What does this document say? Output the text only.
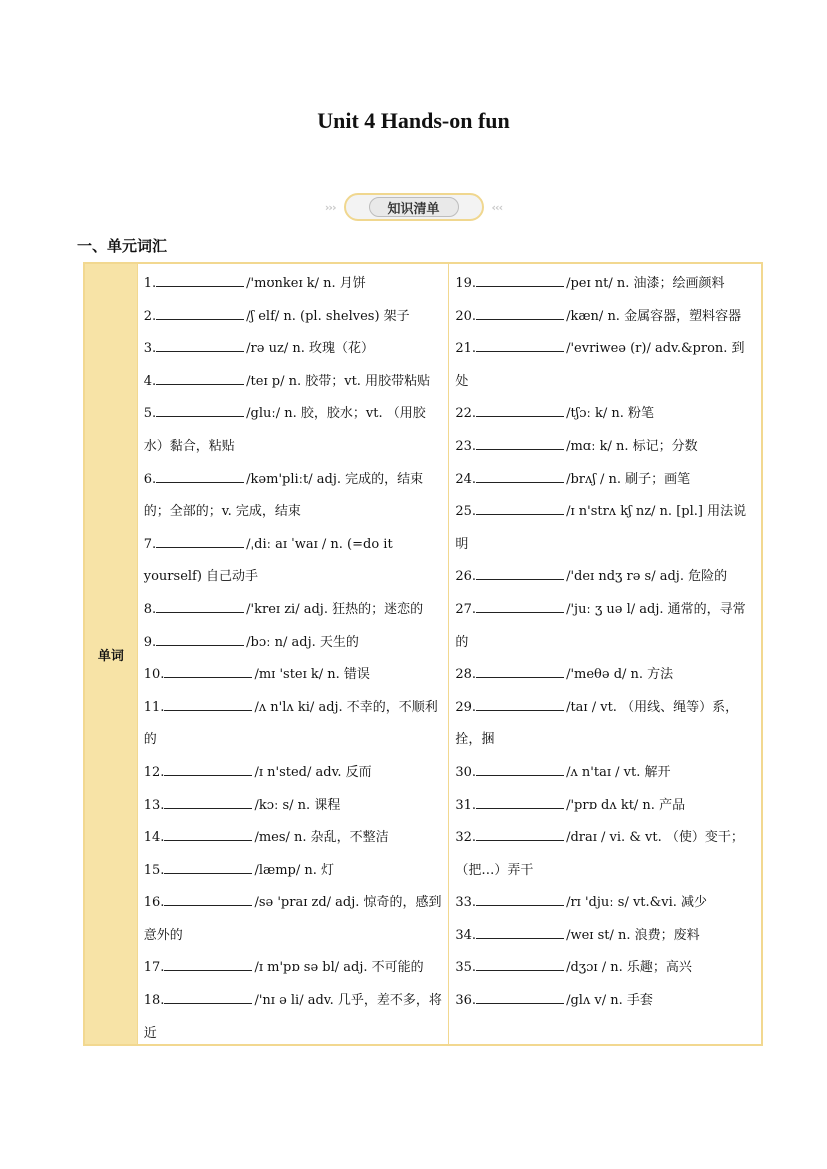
Unit 4 Hands-on fun
›››	知识清单	‹‹‹
一、单元词汇
单词

1.	/'mʊnkeɪ k/ n. 月饼

2.	/ʃ elf/ n. (pl. shelves) 架子

3.	/rə uz/ n. 玫瑰（花）

4.	/teɪ p/ n. 胶带；vt. 用胶带粘贴

5.	/gluː/ n. 胶，胶水；vt. （用胶水）黏合，粘贴

6.	/kəm'pliːt/ adj. 完成的，结束的；全部的；v. 完成，结束

7.	/ˌdiː aɪ ˈwaɪ / n. (=do it yourself) 自己动手

8.	/'kreɪ zi/ adj. 狂热的；迷恋的

9.	/bɔː n/ adj. 天生的

10.	/mɪ 'steɪ k/ n. 错误

11.	/ʌ n'lʌ ki/ adj. 不幸的，不顺利的

12.	/ɪ n'sted/ adv. 反而

13.	/kɔː s/ n. 课程

14.	/mes/ n. 杂乱，不整洁

15.	/læmp/ n. 灯

16.	/sə 'praɪ zd/ adj. 惊奇的，感到意外的

17.	/ɪ m'pɒ sə bl/ adj. 不可能的

18.	/'nɪ ə li/ adv. 几乎，差不多，将近

19.	/peɪ nt/ n. 油漆；绘画颜料

20.	/kæn/ n. 金属容器，塑料容器

21.	/'evriweə (r)/ adv.&pron. 到处

22.	/tʃɔː k/ n. 粉笔

23.	/mɑː k/ n. 标记；分数

24.	/brʌʃ / n. 刷子；画笔

25.	/ɪ n'strʌ kʃ nz/ n. [pl.] 用法说明

26.	/'deɪ ndʒ rə s/ adj. 危险的

27.	/'juː ʒ uə l/ adj. 通常的，寻常的

28.	/'meθə d/ n. 方法

29.	/taɪ / vt. （用线、绳等）系，拴，捆

30.	/ʌ n'taɪ / vt. 解开

31.	/'prɒ dʌ kt/ n. 产品

32.	/draɪ / vi. & vt. （使）变干；（把…）弄干

33.	/rɪ 'djuː s/ vt.&vi. 减少

34.	/weɪ st/ n. 浪费；废料

35.	/dʒɔɪ / n. 乐趣；高兴

36.	/glʌ v/ n. 手套
